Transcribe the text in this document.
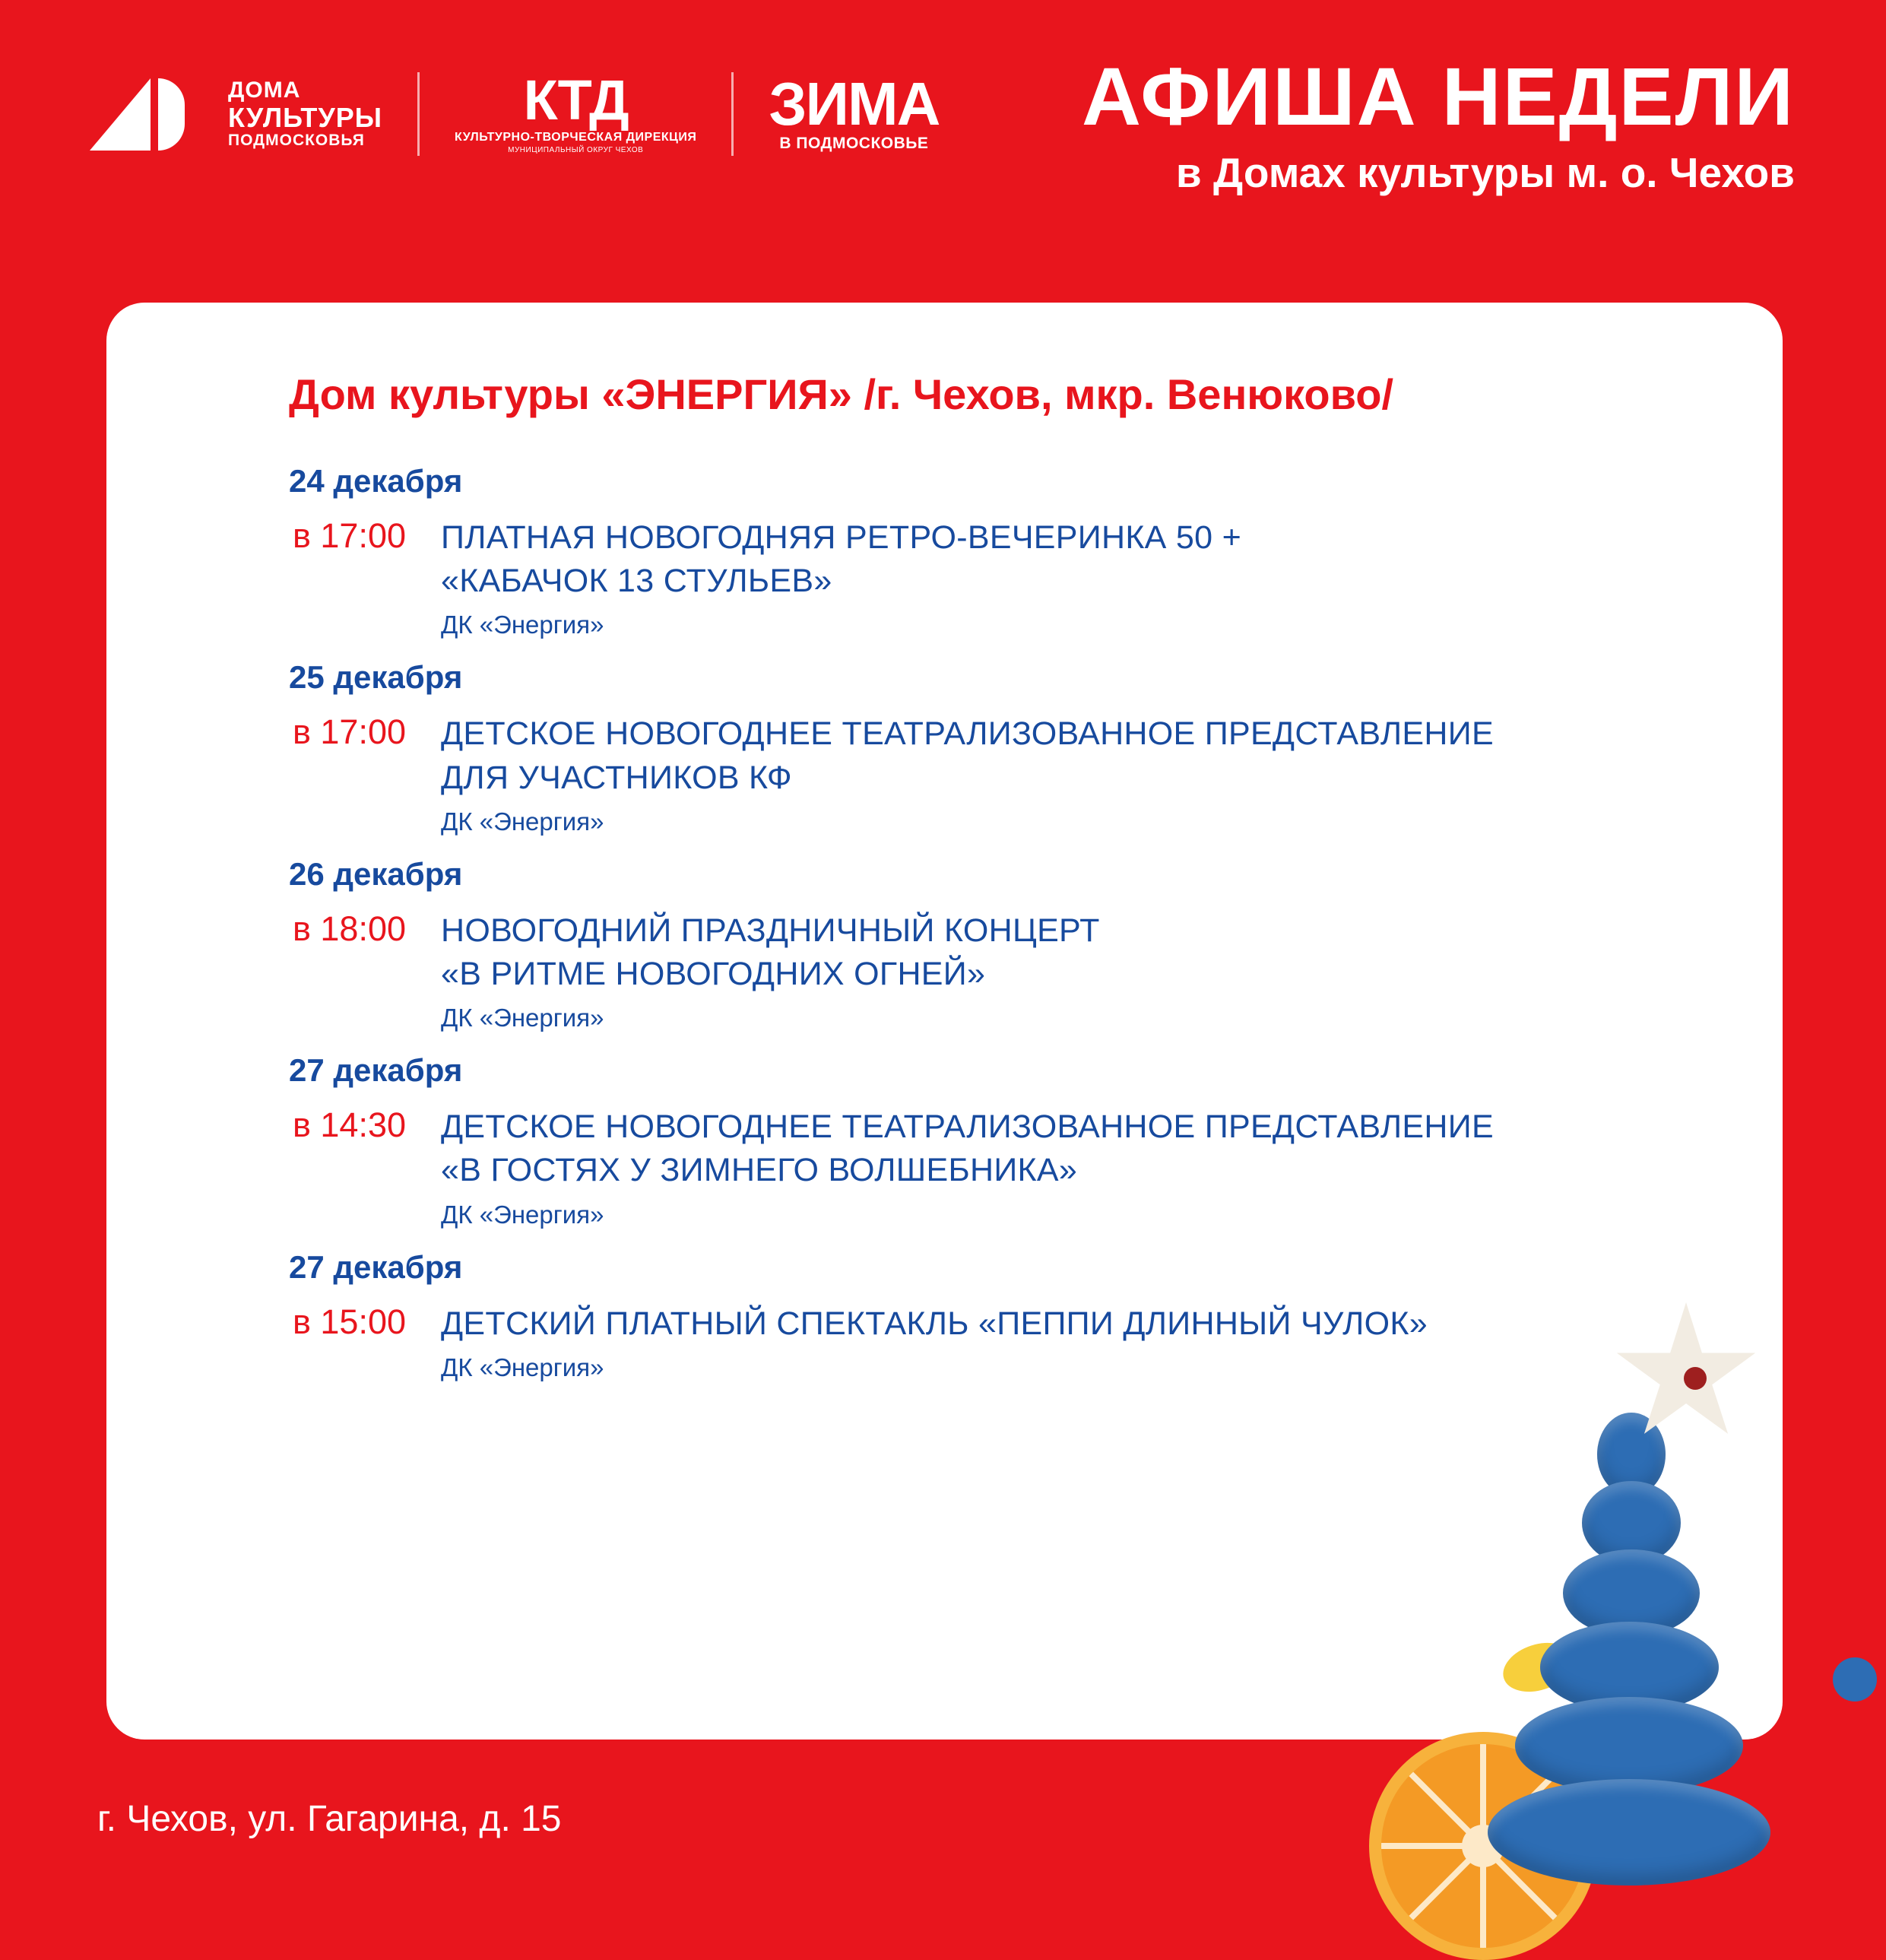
ДОМА
КУЛЬТУРЫ
ПОДМОСКОВЬЯ
КТД
КУЛЬТУРНО-ТВОРЧЕСКАЯ ДИРЕКЦИЯ
МУНИЦИПАЛЬНЫЙ ОКРУГ ЧЕХОВ
ЗИМА
В ПОДМОСКОВЬЕ
АФИША НЕДЕЛИ
в Домах культуры м. о. Чехов
Дом культуры «ЭНЕРГИЯ» /г. Чехов, мкр. Венюково/
24 декабря
в 17:00	ПЛАТНАЯ НОВОГОДНЯЯ РЕТРО-ВЕЧЕРИНКА 50 +
«КАБАЧОК 13 СТУЛЬЕВ»
ДК «Энергия»
25 декабря
в 17:00	ДЕТСКОЕ НОВОГОДНЕЕ ТЕАТРАЛИЗОВАННОЕ ПРЕДСТАВЛЕНИЕ
ДЛЯ УЧАСТНИКОВ КФ
ДК «Энергия»
26 декабря
в 18:00	НОВОГОДНИЙ ПРАЗДНИЧНЫЙ КОНЦЕРТ
«В РИТМЕ НОВОГОДНИХ ОГНЕЙ»
ДК «Энергия»
27 декабря
в 14:30	ДЕТСКОЕ НОВОГОДНЕЕ ТЕАТРАЛИЗОВАННОЕ ПРЕДСТАВЛЕНИЕ
«В ГОСТЯХ У ЗИМНЕГО ВОЛШЕБНИКА»
ДК «Энергия»
27 декабря
в 15:00	ДЕТСКИЙ ПЛАТНЫЙ СПЕКТАКЛЬ «ПЕППИ ДЛИННЫЙ ЧУЛОК»
ДК «Энергия»
г. Чехов, ул. Гагарина, д. 15
